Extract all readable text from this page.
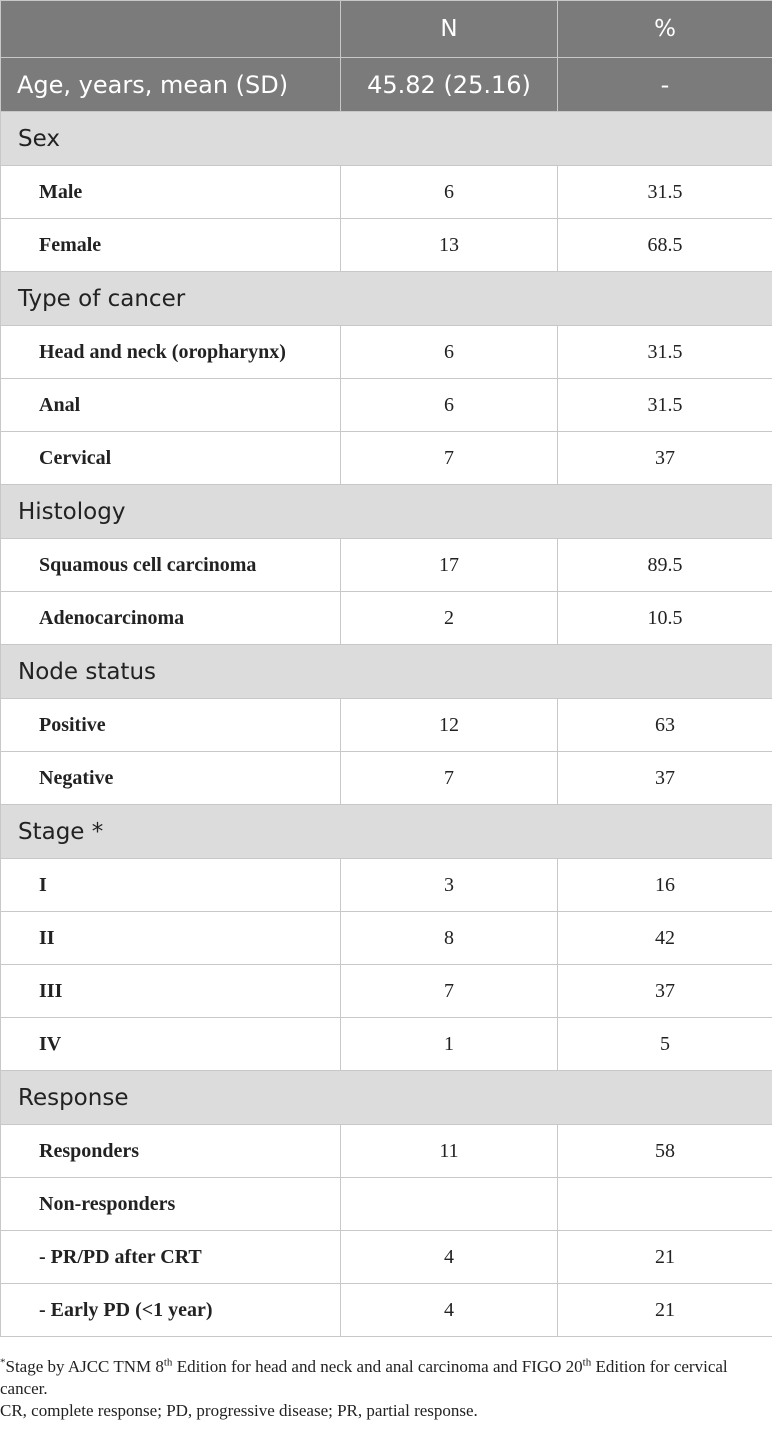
	N	%
Age, years, mean (SD)	45.82 (25.16)	-
Sex		
Male	6	31.5
Female	13	68.5
Type of cancer		
Head and neck (oropharynx)	6	31.5
Anal	6	31.5
Cervical	7	37
Histology		
Squamous cell carcinoma	17	89.5
Adenocarcinoma	2	10.5
Node status		
Positive	12	63
Negative	7	37
Stage *		
I	3	16
II	8	42
III	7	37
IV	1	5
Response		
Responders	11	58
Non-responders		
- PR/PD after CRT	4	21
- Early PD (<1 year)	4	21

*Stage by AJCC TNM 8th Edition for head and neck and anal carcinoma and FIGO 20th Edition for cervical cancer.

CR, complete response; PD, progressive disease; PR, partial response.
